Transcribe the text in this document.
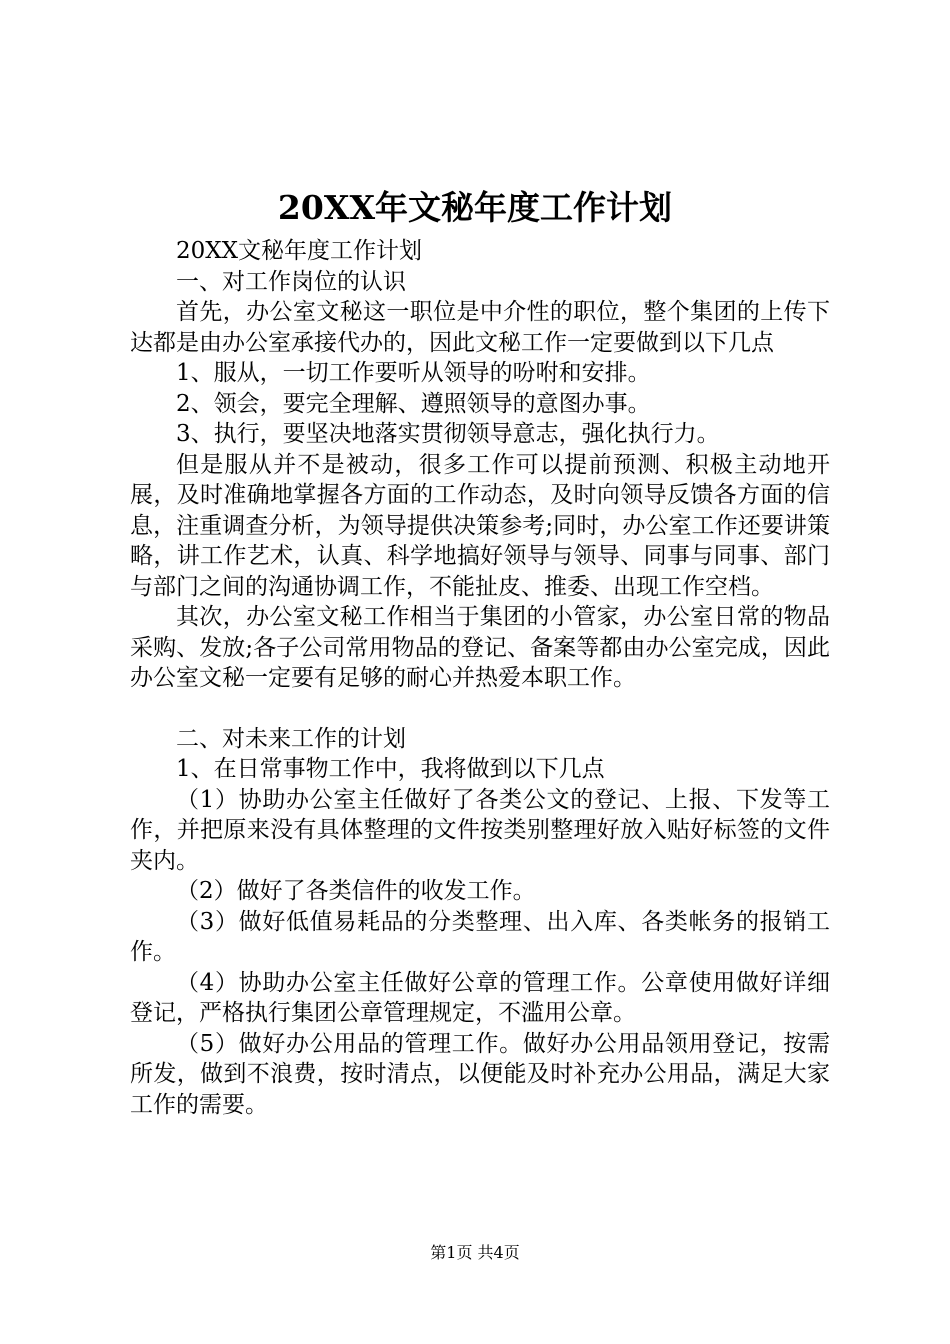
20XX年文秘年度工作计划

20XX文秘年度工作计划

一、对工作岗位的认识

首先，办公室文秘这一职位是中介性的职位，整个集团的上传下达都是由办公室承接代办的，因此文秘工作一定要做到以下几点

1、服从，一切工作要听从领导的吩咐和安排。

2、领会，要完全理解、遵照领导的意图办事。

3、执行，要坚决地落实贯彻领导意志，强化执行力。

但是服从并不是被动，很多工作可以提前预测、积极主动地开展，及时准确地掌握各方面的工作动态，及时向领导反馈各方面的信息，注重调查分析，为领导提供决策参考;同时，办公室工作还要讲策略，讲工作艺术，认真、科学地搞好领导与领导、同事与同事、部门与部门之间的沟通协调工作，不能扯皮、推委、出现工作空档。

其次，办公室文秘工作相当于集团的小管家，办公室日常的物品采购、发放;各子公司常用物品的登记、备案等都由办公室完成，因此办公室文秘一定要有足够的耐心并热爱本职工作。

二、对未来工作的计划

1、在日常事物工作中，我将做到以下几点

（1）协助办公室主任做好了各类公文的登记、上报、下发等工作，并把原来没有具体整理的文件按类别整理好放入贴好标签的文件夹内。

（2）做好了各类信件的收发工作。

（3）做好低值易耗品的分类整理、出入库、各类帐务的报销工作。

（4）协助办公室主任做好公章的管理工作。公章使用做好详细登记，严格执行集团公章管理规定，不滥用公章。

（5）做好办公用品的管理工作。做好办公用品领用登记，按需所发，做到不浪费，按时清点，以便能及时补充办公用品，满足大家工作的需要。

第1页 共4页
